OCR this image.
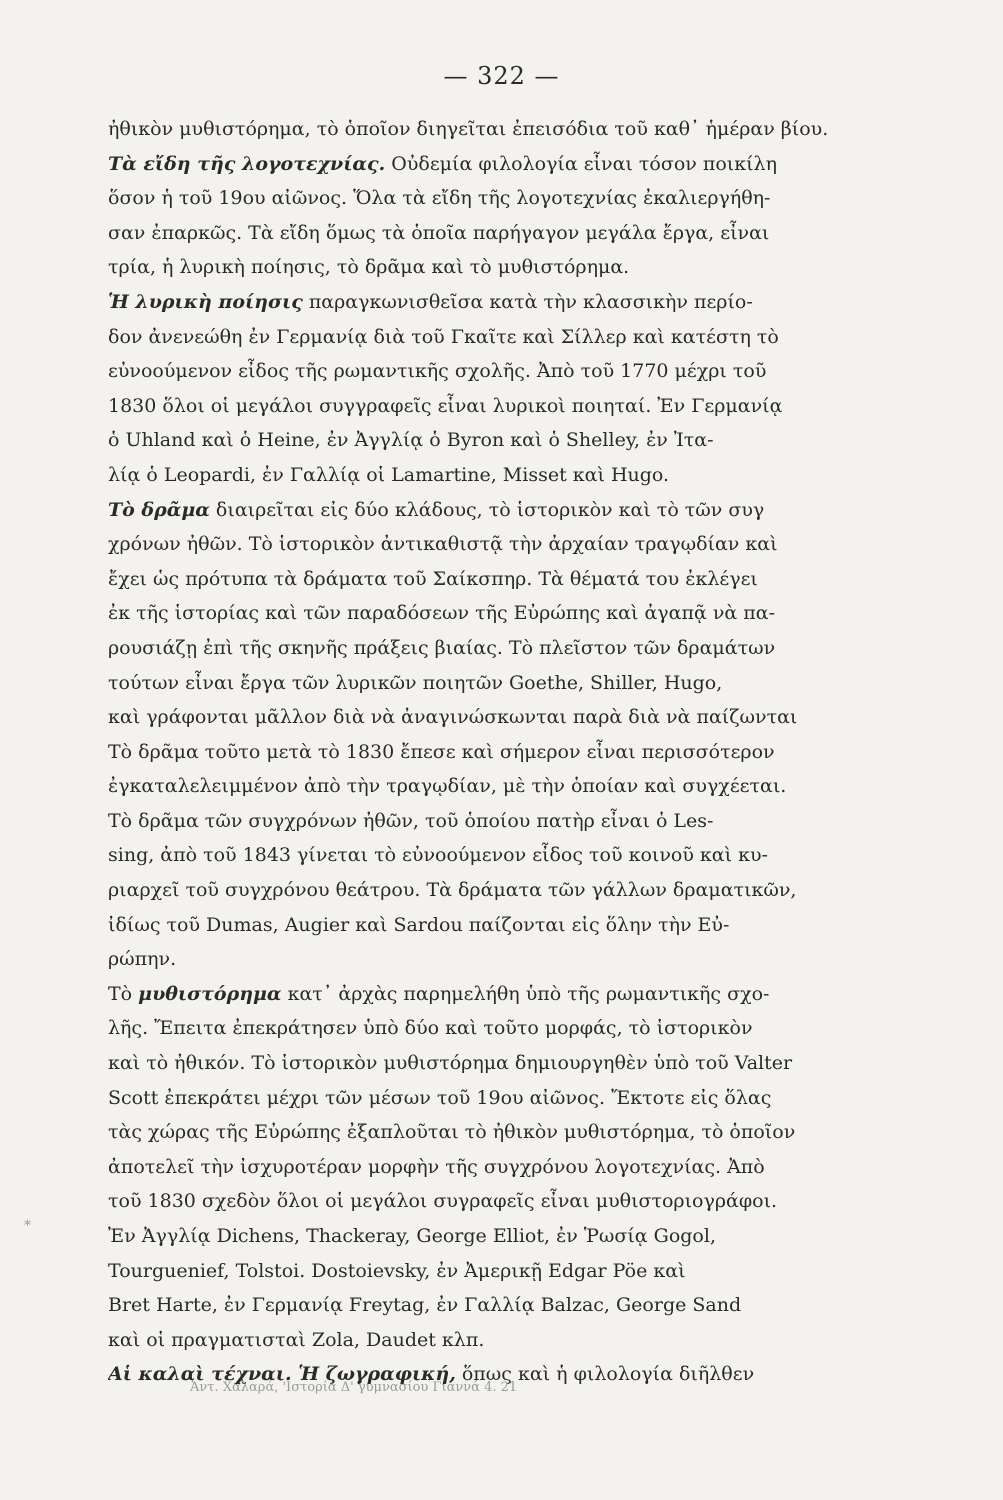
— 322 —
ἠθικὸν μυθιστόρημα, τὸ ὁποῖον διηγεῖται ἐπεισόδια τοῦ καθ᾽ ἡμέραν βίου.
Τὰ εἴδη τῆς λογοτεχνίας. Οὐδεμία φιλολογία εἶναι τόσον ποικίλη
ὅσον ἡ τοῦ 19ου αἰῶνος. Ὅλα τὰ εἴδη τῆς λογοτεχνίας ἐκαλιεργήθη-
σαν ἐπαρκῶς. Τὰ εἴδη ὅμως τὰ ὁποῖα παρήγαγον μεγάλα ἔργα, εἶναι
τρία, ἡ λυρικὴ ποίησις, τὸ δρᾶμα καὶ τὸ μυθιστόρημα.
Ἡ λυρικὴ ποίησις παραγκωνισθεῖσα κατὰ τὴν κλασσικὴν περίο-
δον ἀνενεώθη ἐν Γερμανίᾳ διὰ τοῦ Γκαῖτε καὶ Σίλλερ καὶ κατέστη τὸ
εὐνοούμενον εἶδος τῆς ρωμαντικῆς σχολῆς. Ἀπὸ τοῦ 1770 μέχρι τοῦ
1830 ὅλοι οἱ μεγάλοι συγγραφεῖς εἶναι λυρικοὶ ποιηταί. Ἐν Γερμανίᾳ
ὁ Uhland καὶ ὁ Heine, ἐν Ἀγγλίᾳ ὁ Byron καὶ ὁ Shelley, ἐν Ἰτα-
λίᾳ ὁ Leopardi, ἐν Γαλλίᾳ οἱ Lamartine, Misset καὶ Hugo.
Τὸ δρᾶμα διαιρεῖται εἰς δύο κλάδους, τὸ ἱστορικὸν καὶ τὸ τῶν συγ
χρόνων ἠθῶν. Τὸ ἱστορικὸν ἀντικαθιστᾷ τὴν ἀρχαίαν τραγῳδίαν καὶ
ἔχει ὡς πρότυπα τὰ δράματα τοῦ Σαίκσπηρ. Τὰ θέματά του ἐκλέγει
ἐκ τῆς ἱστορίας καὶ τῶν παραδόσεων τῆς Εὐρώπης καὶ ἀγαπᾷ νὰ πα-
ρουσιάζῃ ἐπὶ τῆς σκηνῆς πράξεις βιαίας. Τὸ πλεῖστον τῶν δραμάτων
τούτων εἶναι ἔργα τῶν λυρικῶν ποιητῶν Goethe, Shiller, Hugo,
καὶ γράφονται μᾶλλον διὰ νὰ ἀναγινώσκωνται παρὰ διὰ νὰ παίζωνται
Τὸ δρᾶμα τοῦτο μετὰ τὸ 1830 ἔπεσε καὶ σήμερον εἶναι περισσότερον
ἐγκαταλελειμμένον ἀπὸ τὴν τραγῳδίαν, μὲ τὴν ὁποίαν καὶ συγχέεται.
Τὸ δρᾶμα τῶν συγχρόνων ἠθῶν, τοῦ ὁποίου πατὴρ εἶναι ὁ Les-
sing, ἀπὸ τοῦ 1843 γίνεται τὸ εὐνοούμενον εἶδος τοῦ κοινοῦ καὶ κυ-
ριαρχεῖ τοῦ συγχρόνου θεάτρου. Τὰ δράματα τῶν γάλλων δραματικῶν,
ἰδίως τοῦ Dumas, Augier καὶ Sardou παίζονται εἰς ὅλην τὴν Εὐ-
ρώπην.
Τὸ μυθιστόρημα κατ᾽ ἀρχὰς παρημελήθη ὑπὸ τῆς ρωμαντικῆς σχο-
λῆς. Ἔπειτα ἐπεκράτησεν ὑπὸ δύο καὶ τοῦτο μορφάς, τὸ ἱστορικὸν
καὶ τὸ ἠθικόν. Τὸ ἱστορικὸν μυθιστόρημα δημιουργηθὲν ὑπὸ τοῦ Valter
Scott ἐπεκράτει μέχρι τῶν μέσων τοῦ 19ου αἰῶνος. Ἔκτοτε εἰς ὅλας
τὰς χώρας τῆς Εὐρώπης ἐξαπλοῦται τὸ ἠθικὸν μυθιστόρημα, τὸ ὁποῖον
ἀποτελεῖ τὴν ἰσχυροτέραν μορφὴν τῆς συγχρόνου λογοτεχνίας. Ἀπὸ
τοῦ 1830 σχεδὸν ὅλοι οἱ μεγάλοι συγραφεῖς εἶναι μυθιστοριογράφοι.
Ἐν Ἀγγλίᾳ Dichens, Thackeray, George Elliot, ἐν Ῥωσίᾳ Gogol,
Tourgueniеf, Tolstoi. Dostoievsky, ἐν Ἀμερικῇ Edgar Pöe καὶ
Bret Harte, ἐν Γερμανίᾳ Freytag, ἐν Γαλλίᾳ Balzac, George Sand
καὶ οἱ πραγματισταὶ Zola, Daudet κλπ.
Αἱ καλαὶ τέχναι. Ἡ ζωγραφική, ὅπως καὶ ἡ φιλολογία διῆλθεν
*
Ἀντ. Χαλαρά, 'Ιστορία Δ' γυμνασίου Γιαννά 4. 21
